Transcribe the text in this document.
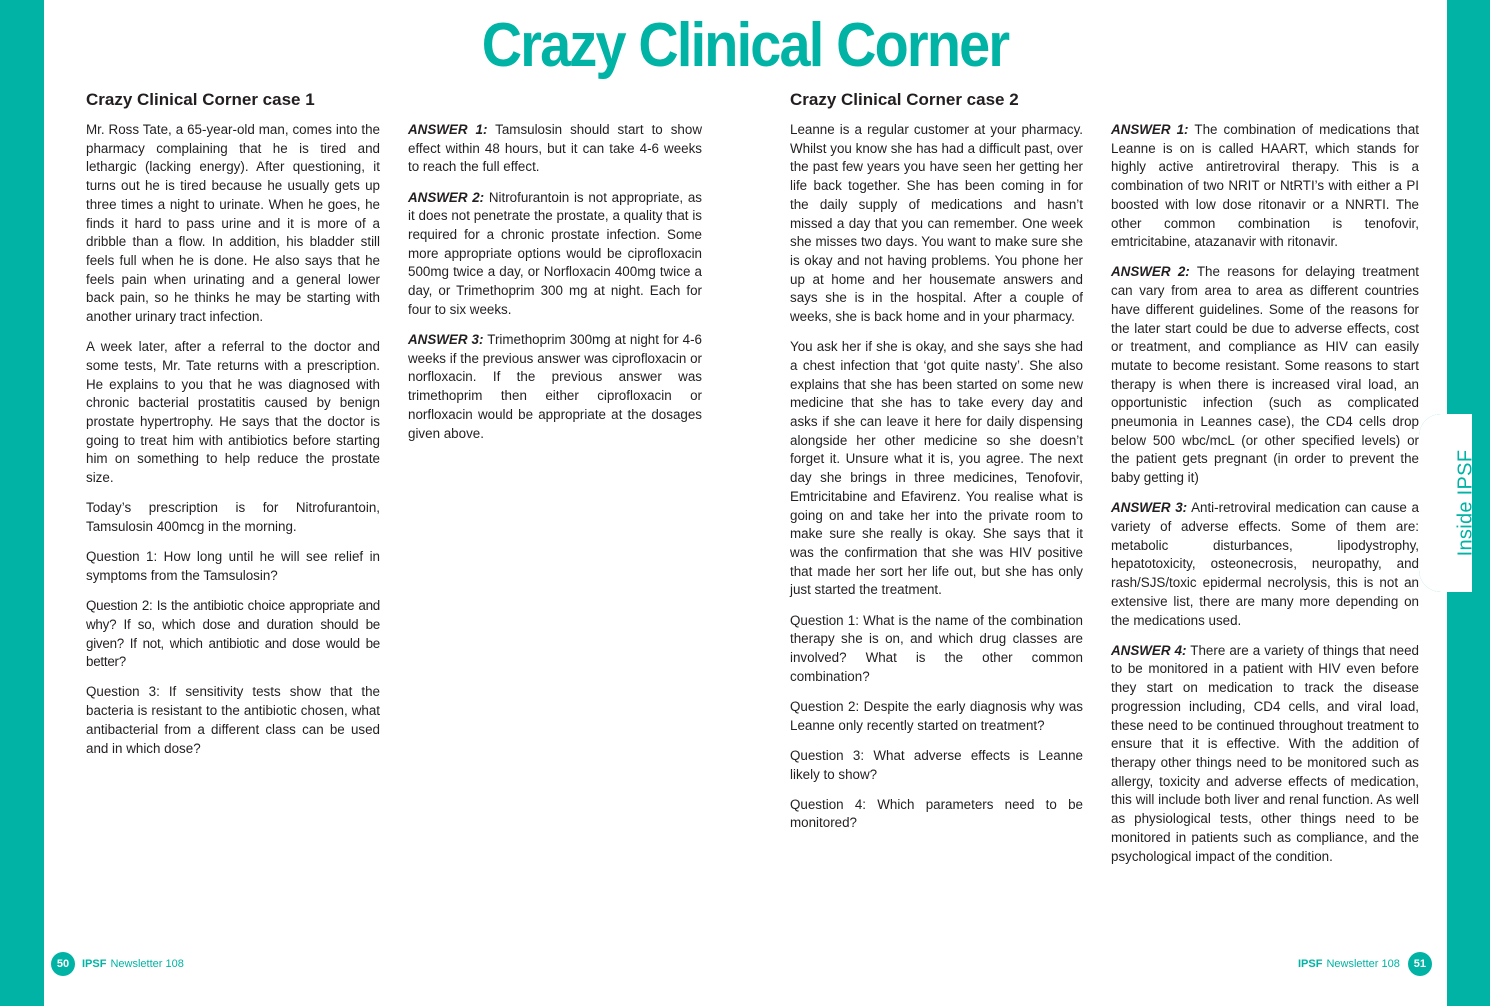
Inside IPSF
Crazy Clinical Corner
Crazy Clinical Corner case 1

Mr. Ross Tate, a 65-year-old man, comes into the pharmacy complaining that he is tired and lethargic (lacking energy). After questioning, it turns out he is tired because he usually gets up three times a night to urinate. When he goes, he finds it hard to pass urine and it is more of a dribble than a flow. In addition, his bladder still feels full when he is done. He also says that he feels pain when urinating and a general lower back pain, so he thinks he may be starting with another urinary tract infection.

A week later, after a referral to the doctor and some tests, Mr. Tate returns with a prescription. He explains to you that he was diagnosed with chronic bacterial prostatitis caused by benign prostate hypertrophy. He says that the doctor is going to treat him with antibiotics before starting him on something to help reduce the prostate size.

Today’s prescription is for Nitrofurantoin, Tamsulosin 400mcg in the morning.

Question 1: How long until he will see relief in symptoms from the Tamsulosin?

Question 2: Is the antibiotic choice appropriate and why? If so, which dose and duration should be given? If not, which antibiotic and dose would be better?

Question 3: If sensitivity tests show that the bacteria is resistant to the antibiotic chosen, what antibacterial from a different class can be used and in which dose?

ANSWER 1: Tamsulosin should start to show effect within 48 hours, but it can take 4-6 weeks to reach the full effect.

ANSWER 2: Nitrofurantoin is not appropriate, as it does not penetrate the prostate, a quality that is required for a chronic prostate infection. Some more appropriate options would be ciprofloxacin 500mg twice a day, or Norfloxacin 400mg twice a day, or Trimethoprim 300 mg at night. Each for four to six weeks.

ANSWER 3: Trimethoprim 300mg at night for 4-6 weeks if the previous answer was ciprofloxacin or norfloxacin. If the previous answer was trimethoprim then either ciprofloxacin or norfloxacin would be appropriate at the dosages given above.

Crazy Clinical Corner case 2

Leanne is a regular customer at your pharmacy. Whilst you know she has had a difficult past, over the past few years you have seen her getting her life back together. She has been coming in for the daily supply of medications and hasn’t missed a day that you can remember. One week she misses two days. You want to make sure she is okay and not having problems. You phone her up at home and her housemate answers and says she is in the hospital. After a couple of weeks, she is back home and in your pharmacy.

You ask her if she is okay, and she says she had a chest infection that ‘got quite nasty’. She also explains that she has been started on some new medicine that she has to take every day and asks if she can leave it here for daily dispensing alongside her other medicine so she doesn’t forget it. Unsure what it is, you agree. The next day she brings in three medicines, Tenofovir, Emtricitabine and Efavirenz. You realise what is going on and take her into the private room to make sure she really is okay. She says that it was the confirmation that she was HIV positive that made her sort her life out, but she has only just started the treatment.

Question 1: What is the name of the combination therapy she is on, and which drug classes are involved? What is the other common combination?

Question 2: Despite the early diagnosis why was Leanne only recently started on treatment?

Question 3: What adverse effects is Leanne likely to show?

Question 4: Which parameters need to be monitored?

ANSWER 1: The combination of medications that Leanne is on is called HAART, which stands for highly active antiretroviral therapy. This is a combination of two NRIT or NtRTI’s with either a PI boosted with low dose ritonavir or a NNRTI. The other common combination is tenofovir, emtricitabine, atazanavir with ritonavir.

ANSWER 2: The reasons for delaying treatment can vary from area to area as different countries have different guidelines. Some of the reasons for the later start could be due to adverse effects, cost or treatment, and compliance as HIV can easily mutate to become resistant. Some reasons to start therapy is when there is increased viral load, an opportunistic infection (such as complicated pneumonia in Leannes case), the CD4 cells drop below 500 wbc/mcL (or other specified levels) or the patient gets pregnant (in order to prevent the baby getting it)

ANSWER 3: Anti-retroviral medication can cause a variety of adverse effects. Some of them are: metabolic disturbances, lipodystrophy, hepatotoxicity, osteonecrosis, neuropathy, and rash/SJS/toxic epidermal necrolysis, this is not an extensive list, there are many more depending on the medications used.

ANSWER 4: There are a variety of things that need to be monitored in a patient with HIV even before they start on medication to track the disease progression including, CD4 cells, and viral load, these need to be continued throughout treatment to ensure that it is effective. With the addition of therapy other things need to be monitored such as allergy, toxicity and adverse effects of medication, this will include both liver and renal function. As well as physiological tests, other things need to be monitored in patients such as compliance, and the psychological impact of the condition.

50	IPSF Newsletter 108	IPSF Newsletter 108	51
